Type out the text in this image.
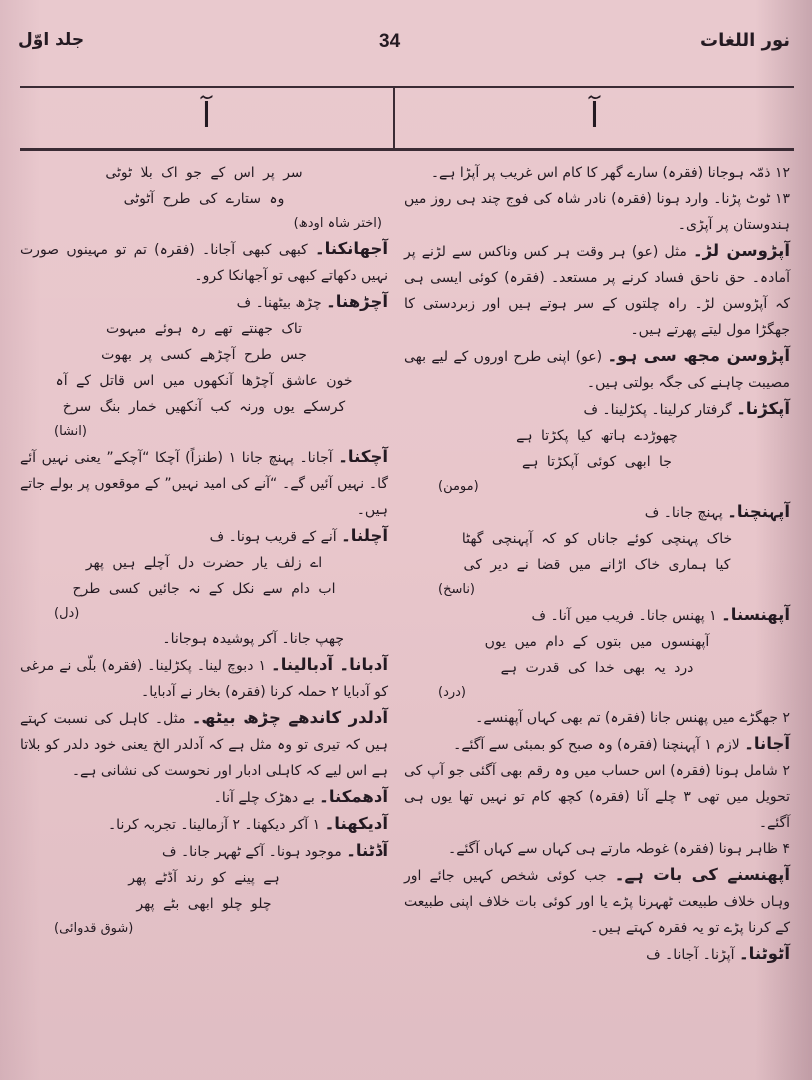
نور اللغات
34
جلد اوّل
آ	آ

۱۲ ذمّہ ہوجانا (فقرہ) سارے گھر کا کام اس غریب پر آپڑا ہے۔

۱۳ ٹوٹ پڑنا۔ وارد ہونا (فقرہ) نادر شاہ کی فوج چند ہی روز میں ہندوستان پر آپڑی۔

آپڑوسن لڑ۔ مثل (عو) ہر وقت ہر کس وناکس سے لڑنے پر آمادہ۔ حق ناحق فساد کرنے پر مستعد۔ (فقرہ) کوئی ایسی ہی کہ آپڑوسن لڑ۔ راہ چلتوں کے سر ہوتے ہیں اور زبردستی کا جھگڑا مول لیتے پھرتے ہیں۔

آپڑوسن مجھ سی ہو۔ (عو) اپنی طرح اوروں کے لیے بھی مصیبت چاہنے کی جگہ بولتی ہیں۔

آپکڑنا۔ گرفتار کرلینا۔ پکڑلینا۔ ف

چھوڑدے ہاتھ کیا پکڑتا ہے

جا ابھی کوئی آپکڑتا ہے

(مومن)

آپہنچنا۔ پہنچ جانا۔ ف

خاک پہنچی کوئے جاناں کو کہ آپہنچی گھٹا

کیا ہماری خاک اڑانے میں قضا نے دیر کی

(ناسخ)

آپھنسنا۔ ۱ پھنس جانا۔ فریب میں آنا۔ ف

آپھنسوں میں بتوں کے دام میں یوں

درد یہ بھی خدا کی قدرت ہے

(درد)

۲ جھگڑے میں پھنس جانا (فقرہ) تم بھی کہاں آپھنسے۔

آجانا۔ لازم ۱ آپہنچنا (فقرہ) وہ صبح کو بمبئی سے آگئے۔

۲ شامل ہونا (فقرہ) اس حساب میں وہ رقم بھی آگئی جو آپ کی تحویل میں تھی ۳ چلے آنا (فقرہ) کچھ کام تو نہیں تھا یوں ہی آگئے۔

۴ ظاہر ہونا (فقرہ) غوطہ مارتے ہی کہاں سے کہاں آگئے۔

آپھنسنے کی بات ہے۔ جب کوئی شخص کہیں جائے اور وہاں خلاف طبیعت ٹھہرنا پڑے یا اور کوئی بات خلاف اپنی طبیعت کے کرنا پڑے تو یہ فقرہ کہتے ہیں۔

آٹوٹنا۔ آپڑنا۔ آجانا۔ ف

سر پر اس کے جو اک بلا ٹوٹی

وہ ستارے کی طرح آٹوٹی

(اختر شاہ اودھ)

آجھانکنا۔ کبھی کبھی آجانا۔ (فقرہ) تم تو مہینوں صورت نہیں دکھاتے کبھی تو آجھانکا کرو۔

آچڑھنا۔ چڑھ بیٹھنا۔ ف

تاک جھنتے تھے رہ ہوئے مبہوت

جس طرح آچڑھے کسی پر بھوت

خون عاشق آچڑھا آنکھوں میں اس قاتل کے آہ

کرسکے یوں ورنہ کب آنکھیں خمار بنگ سرخ

(انشا)

آچکنا۔ آجانا۔ پہنچ جانا ۱ (طنزاً) آچکا “آچکے” یعنی نہیں آئے گا۔ نہیں آئیں گے۔ “آنے کی امید نہیں” کے موقعوں پر بولے جاتے ہیں۔

آچلنا۔ آنے کے قریب ہونا۔ ف

اے زلف یار حضرت دل آچلے ہیں پھر

اب دام سے نکل کے نہ جائیں کسی طرح

(دل)

چھپ جانا۔ آکر پوشیدہ ہوجانا۔

آدبانا۔ آدبالینا۔ ۱ دبوچ لینا۔ پکڑلینا۔ (فقرہ) بلّی نے مرغی کو آدبایا ۲ حملہ کرنا (فقرہ) بخار نے آدبایا۔

آدلدر کاندھے چڑھ بیٹھ۔ مثل۔ کاہل کی نسبت کہتے ہیں کہ تیری تو وہ مثل ہے کہ آدلدر الخ یعنی خود دلدر کو بلاتا ہے اس لیے کہ کاہلی ادبار اور نحوست کی نشانی ہے۔

آدھمکنا۔ بے دھڑک چلے آنا۔

آدیکھنا۔ ۱ آکر دیکھنا۔ ۲ آزمالینا۔ تجربہ کرنا۔

آڈٹنا۔ موجود ہونا۔ آکے ٹھہر جانا۔ ف

ہے پینے کو رند آڈٹے پھر

چلو چلو ابھی بٹے پھر

(شوق قدوائی)
